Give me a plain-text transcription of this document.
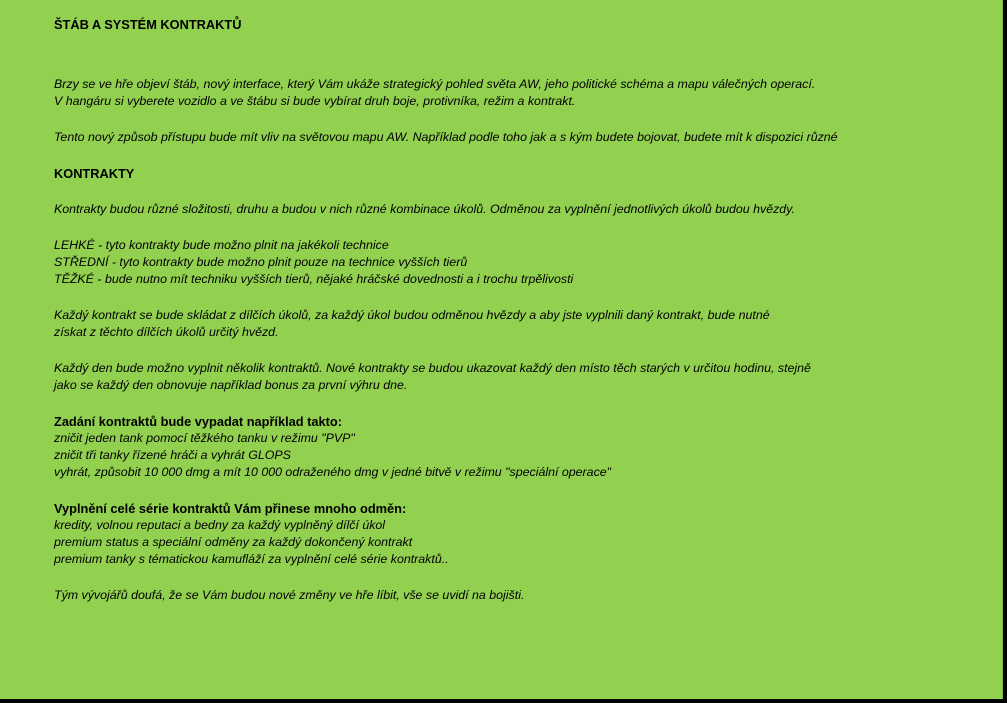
ŠTÁB A SYSTÉM KONTRAKTŮ
Brzy se ve hře objeví štáb, nový interface, který Vám ukáže strategický pohled světa AW, jeho politické schéma a mapu válečných operací.
V hangáru si vyberete vozidlo a ve štábu si bude vybírat druh boje, protivníka, režim a kontrakt.
Tento nový způsob přístupu bude mít vliv na světovou mapu AW. Například podle toho jak a s kým budete bojovat, budete mít k dispozici různé
KONTRAKTY
Kontrakty budou různé složitosti, druhu a budou v nich různé kombinace úkolů. Odměnou za vyplnění jednotlivých úkolů budou hvězdy.
LEHKÉ - tyto kontrakty bude možno plnit na jakékoli technice
STŘEDNÍ - tyto kontrakty bude možno plnit pouze na technice vyšších tierů
TĚŽKÉ - bude nutno mít techniku vyšších tierů, nějaké hráčské dovednosti a i trochu trpělivosti
Každý kontrakt se bude skládat z dílčích úkolů, za každý úkol budou odměnou hvězdy a aby jste vyplnili daný kontrakt, bude nutné
získat z těchto dílčích úkolů určitý hvězd.
Každý den bude možno vyplnit několik kontraktů. Nové kontrakty se budou ukazovat každý den místo těch starých v určitou hodinu, stejně
jako se každý den obnovuje například bonus za první výhru dne.
Zadání kontraktů bude vypadat například takto:
zničit jeden tank pomocí těžkého tanku v režimu "PVP"
zničit tři tanky řízené hráči a vyhrát GLOPS
vyhrát, způsobit 10 000 dmg a mít 10 000 odraženého dmg v jedné bitvě v režimu "speciální operace"
Vyplnění celé série kontraktů Vám přinese mnoho odměn:
kredity, volnou reputaci a bedny za každý vyplněný dílčí úkol
premium status a speciální odměny za každý dokončený kontrakt
premium tanky s tématickou kamufláží za vyplnění celé série kontraktů..
Tým vývojářů doufá, že se Vám budou nové změny ve hře líbit, vše se uvidí na bojišti.
